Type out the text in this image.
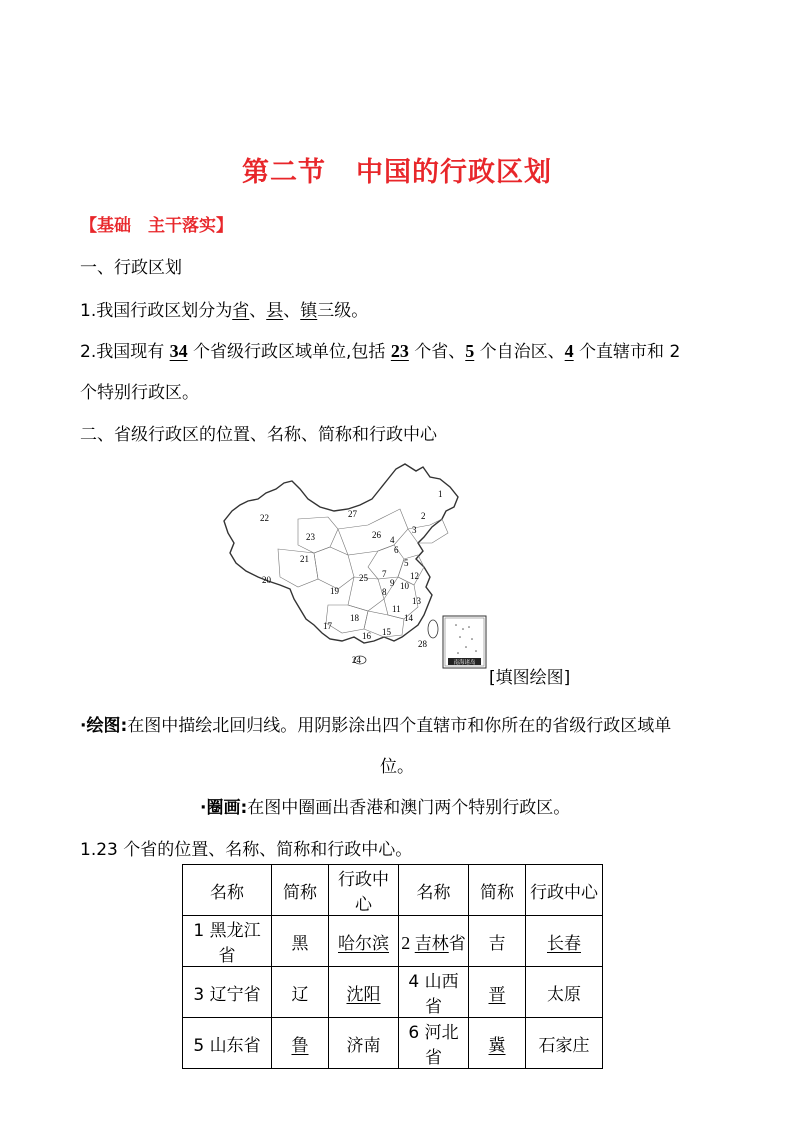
第二节 中国的行政区划
【基础　主干落实】
一、行政区划
1.我国行政区划分为省、县、镇三级。
2.我国现有 34 个省级行政区域单位,包括 23 个省、5 个自治区、4 个直辖市和 2
个特别行政区。
二、省级行政区的位置、名称、简称和行政中心
南海诸岛
1
2
3
4
5
6
7
8
9 10
11
12
13
14
15
16
17
18
19
20
21
22
23
24
25
26
27
28
[填图绘图]
·绘图:在图中描绘北回归线。用阴影涂出四个直辖市和你所在的省级行政区域单
位。
·圈画:在图中圈画出香港和澳门两个特别行政区。
1.23 个省的位置、名称、简称和行政中心。
名称	简称	行政中心	名称	简称	行政中心
1 黑龙江省	黑	哈尔滨	2 吉林省	吉	长春
3 辽宁省	辽	沈阳	4 山西省	晋	太原
5 山东省	鲁	济南	6 河北省	冀	石家庄
